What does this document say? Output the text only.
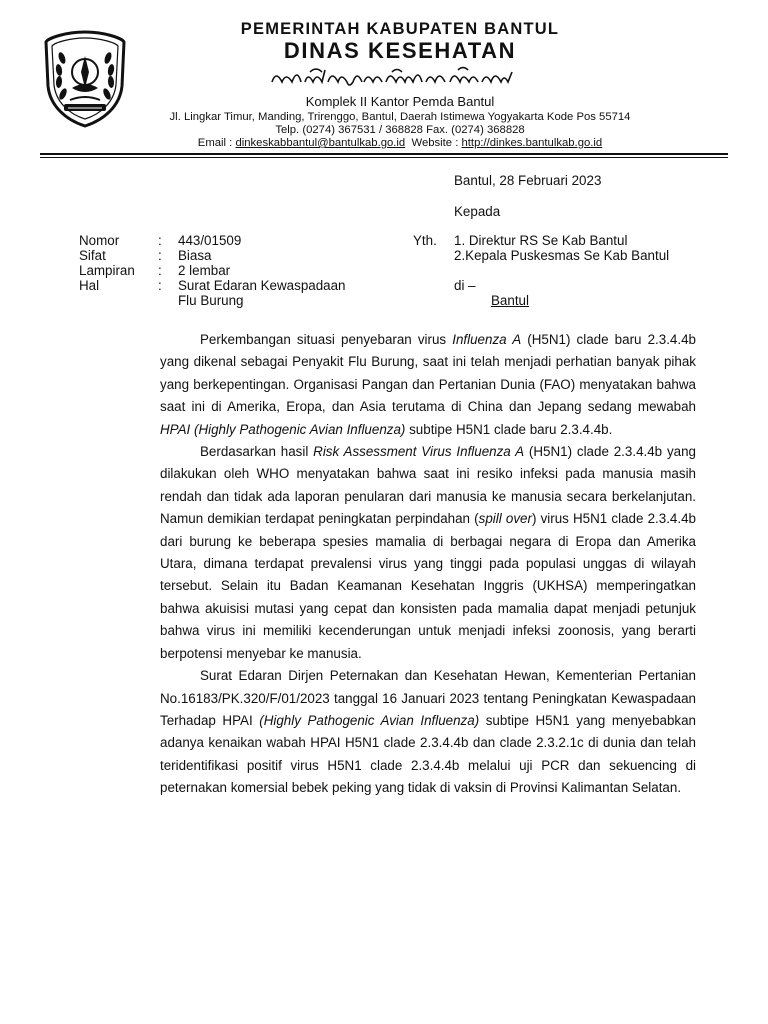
PEMERINTAH KABUPATEN BANTUL
DINAS KESEHATAN
Komplek II Kantor Pemda Bantul
Jl. Lingkar Timur, Manding, Trirenggo, Bantul, Daerah Istimewa Yogyakarta Kode Pos 55714
Telp. (0274) 367531 / 368828 Fax. (0274) 368828
Email : dinkeskabbantul@bantulkab.go.id Website : http://dinkes.bantulkab.go.id
Bantul, 28 Februari 2023
Kepada
Nomor	: 443/01509
Sifat	: Biasa
Lampiran : 2 lembar
Hal	: Surat Edaran Kewaspadaan
Flu Burung
Yth. 1. Direktur RS Se Kab Bantul
2.Kepala Puskesmas Se Kab Bantul
di –
Bantul

Perkembangan situasi penyebaran virus Influenza A (H5N1) clade baru 2.3.4.4b yang dikenal sebagai Penyakit Flu Burung, saat ini telah menjadi perhatian banyak pihak yang berkepentingan. Organisasi Pangan dan Pertanian Dunia (FAO) menyatakan bahwa saat ini di Amerika, Eropa, dan Asia terutama di China dan Jepang sedang mewabah HPAI (Highly Pathogenic Avian Influenza) subtipe H5N1 clade baru 2.3.4.4b.

Berdasarkan hasil Risk Assessment Virus Influenza A (H5N1) clade 2.3.4.4b yang dilakukan oleh WHO menyatakan bahwa saat ini resiko infeksi pada manusia masih rendah dan tidak ada laporan penularan dari manusia ke manusia secara berkelanjutan. Namun demikian terdapat peningkatan perpindahan (spill over) virus H5N1 clade 2.3.4.4b dari burung ke beberapa spesies mamalia di berbagai negara di Eropa dan Amerika Utara, dimana terdapat prevalensi virus yang tinggi pada populasi unggas di wilayah tersebut. Selain itu Badan Keamanan Kesehatan Inggris (UKHSA) memperingatkan bahwa akuisisi mutasi yang cepat dan konsisten pada mamalia dapat menjadi petunjuk bahwa virus ini memiliki kecenderungan untuk menjadi infeksi zoonosis, yang berarti berpotensi menyebar ke manusia.

Surat Edaran Dirjen Peternakan dan Kesehatan Hewan, Kementerian Pertanian No.16183/PK.320/F/01/2023 tanggal 16 Januari 2023 tentang Peningkatan Kewaspadaan Terhadap HPAI (Highly Pathogenic Avian Influenza) subtipe H5N1 yang menyebabkan adanya kenaikan wabah HPAI H5N1 clade 2.3.4.4b dan clade 2.3.2.1c di dunia dan telah teridentifikasi positif virus H5N1 clade 2.3.4.4b melalui uji PCR dan sekuencing di peternakan komersial bebek peking yang tidak di vaksin di Provinsi Kalimantan Selatan.
